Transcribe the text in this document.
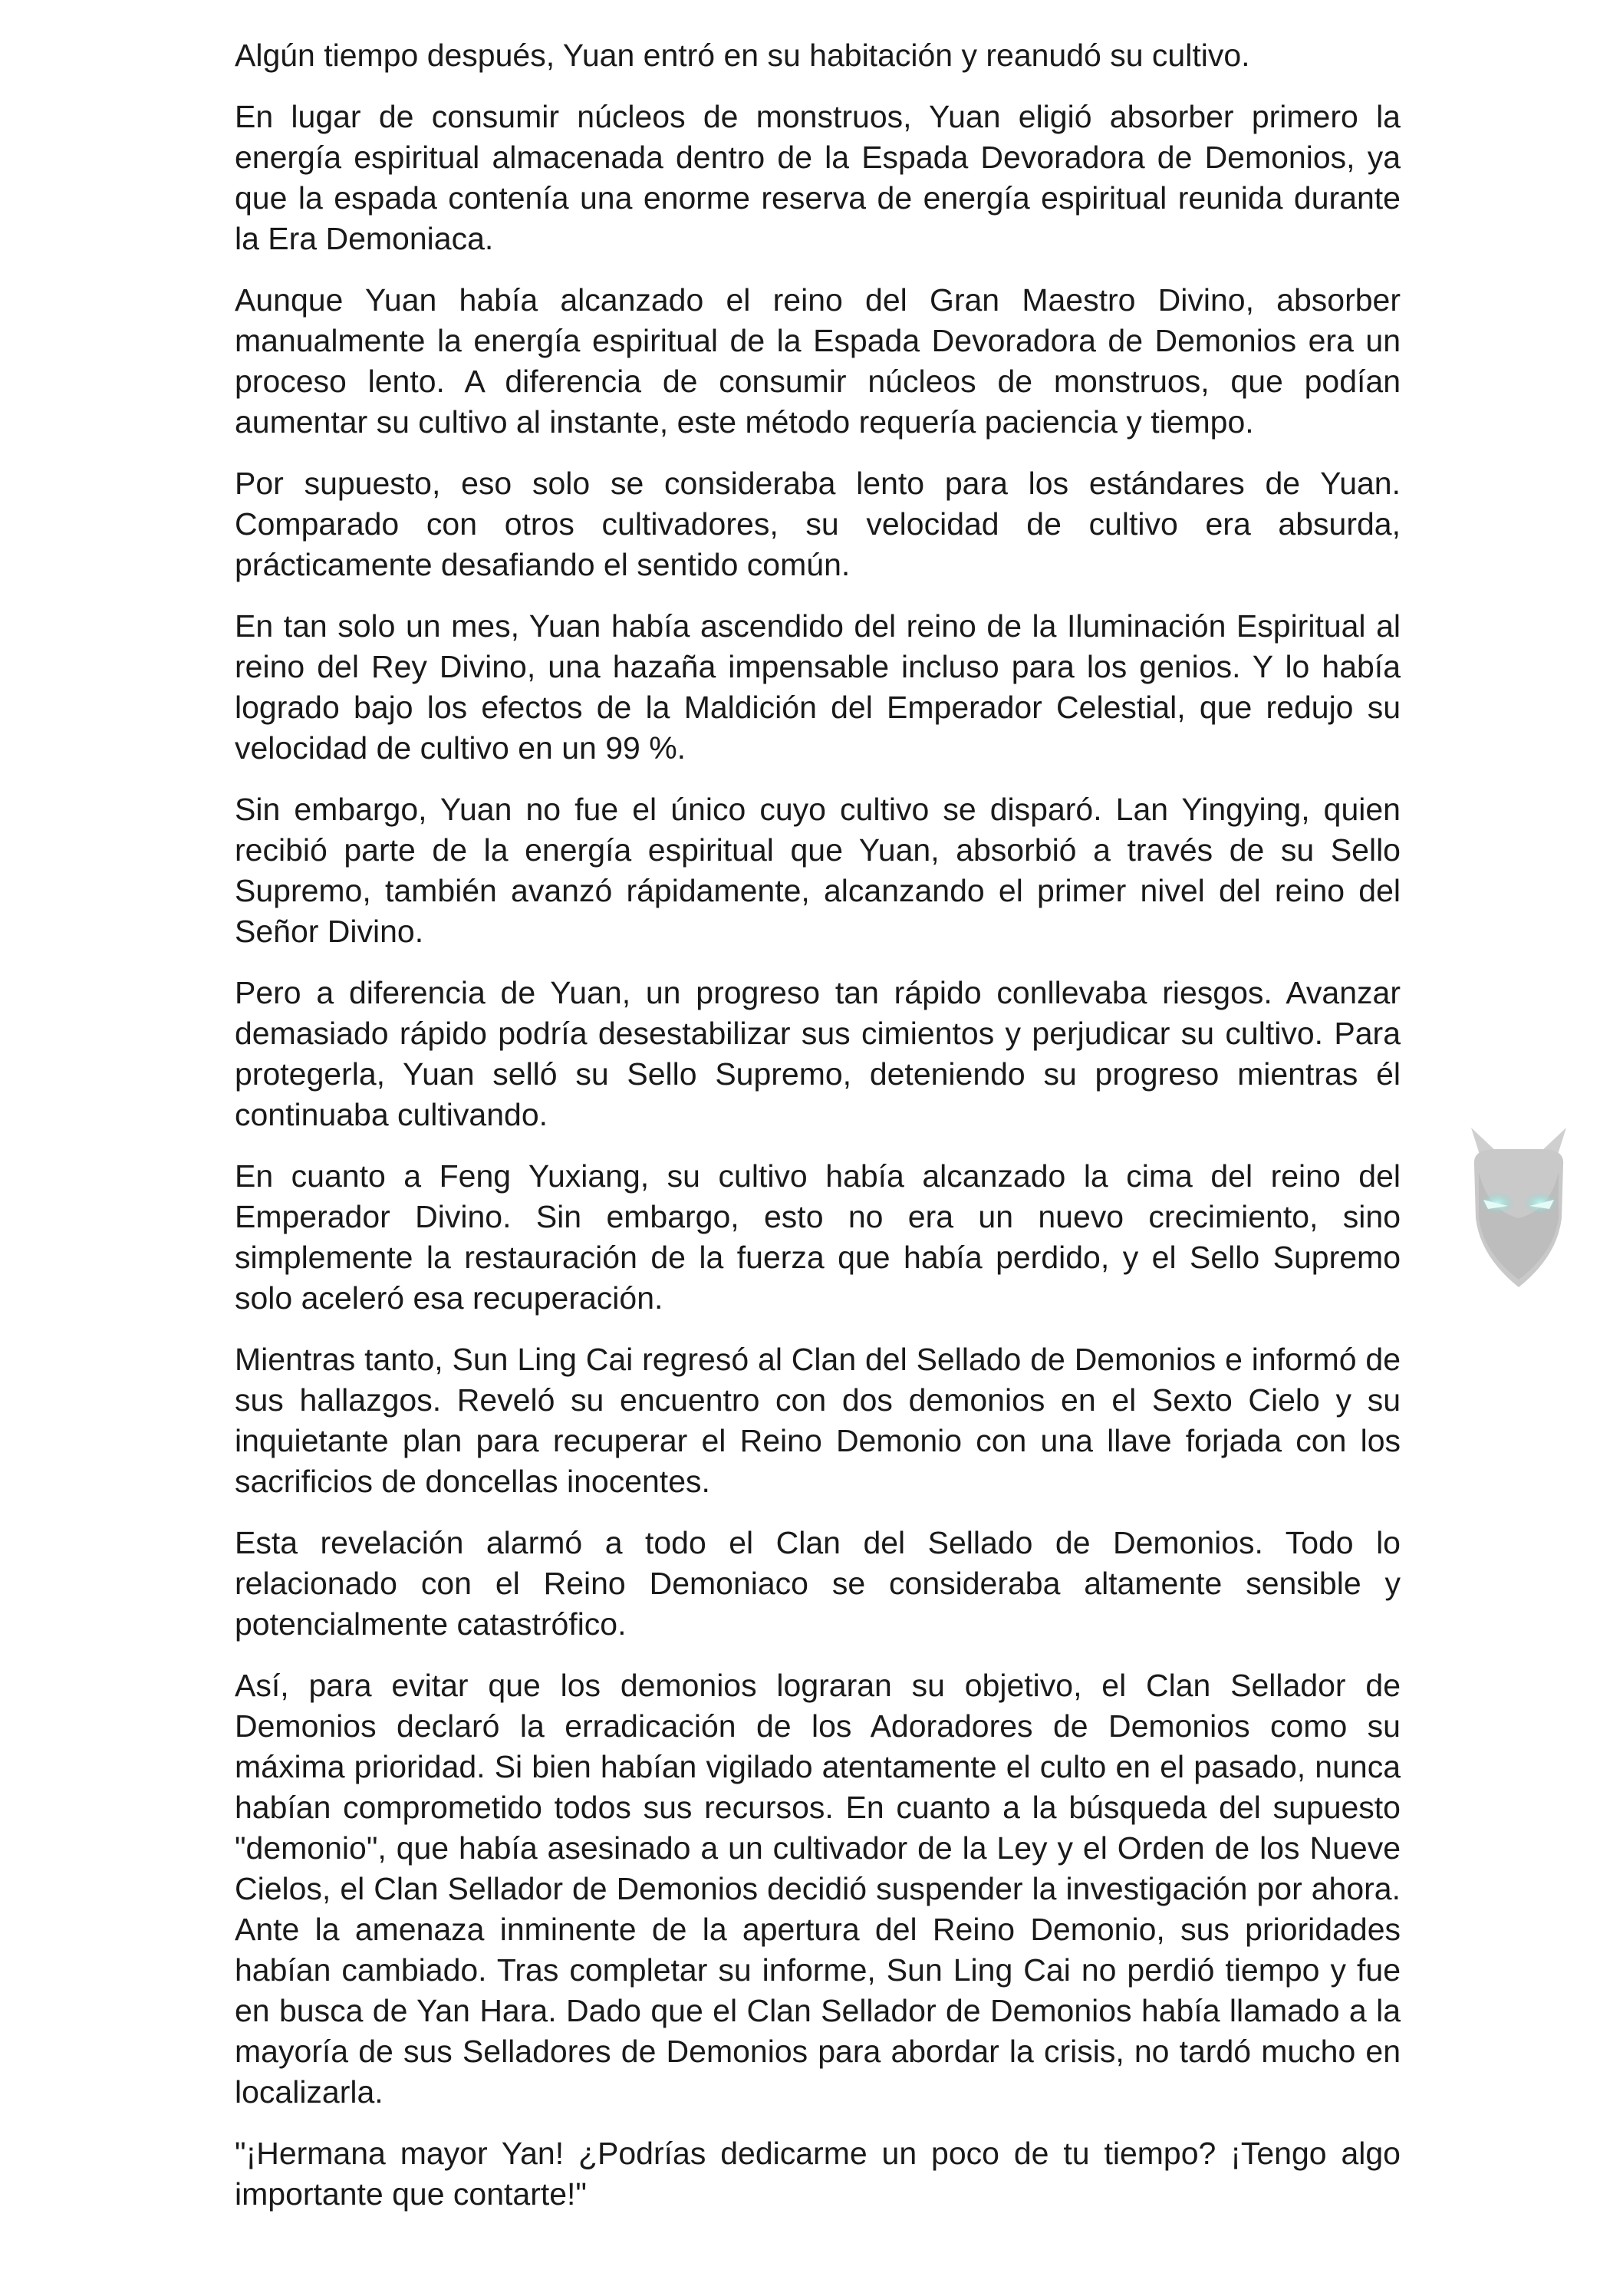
Algún tiempo después, Yuan entró en su habitación y reanudó su cultivo.

En lugar de consumir núcleos de monstruos, Yuan eligió absorber primero la energía espiritual almacenada dentro de la Espada Devoradora de Demonios, ya que la espada contenía una enorme reserva de energía espiritual reunida durante la Era Demoniaca.

Aunque Yuan había alcanzado el reino del Gran Maestro Divino, absorber manualmente la energía espiritual de la Espada Devoradora de Demonios era un proceso lento. A diferencia de consumir núcleos de monstruos, que podían aumentar su cultivo al instante, este método requería paciencia y tiempo.

Por supuesto, eso solo se consideraba lento para los estándares de Yuan. Comparado con otros cultivadores, su velocidad de cultivo era absurda, prácticamente desafiando el sentido común.

En tan solo un mes, Yuan había ascendido del reino de la Iluminación Espiritual al reino del Rey Divino, una hazaña impensable incluso para los genios. Y lo había logrado bajo los efectos de la Maldición del Emperador Celestial, que redujo su velocidad de cultivo en un 99 %.

Sin embargo, Yuan no fue el único cuyo cultivo se disparó. Lan Yingying, quien recibió parte de la energía espiritual que Yuan, absorbió a través de su Sello Supremo, también avanzó rápidamente, alcanzando el primer nivel del reino del Señor Divino.

Pero a diferencia de Yuan, un progreso tan rápido conllevaba riesgos. Avanzar demasiado rápido podría desestabilizar sus cimientos y perjudicar su cultivo. Para protegerla, Yuan selló su Sello Supremo, deteniendo su progreso mientras él continuaba cultivando.

En cuanto a Feng Yuxiang, su cultivo había alcanzado la cima del reino del Emperador Divino. Sin embargo, esto no era un nuevo crecimiento, sino simplemente la restauración de la fuerza que había perdido, y el Sello Supremo solo aceleró esa recuperación.

Mientras tanto, Sun Ling Cai regresó al Clan del Sellado de Demonios e informó de sus hallazgos. Reveló su encuentro con dos demonios en el Sexto Cielo y su inquietante plan para recuperar el Reino Demonio con una llave forjada con los sacrificios de doncellas inocentes.

Esta revelación alarmó a todo el Clan del Sellado de Demonios. Todo lo relacionado con el Reino Demoniaco se consideraba altamente sensible y potencialmente catastrófico.

Así, para evitar que los demonios lograran su objetivo, el Clan Sellador de Demonios declaró la erradicación de los Adoradores de Demonios como su máxima prioridad. Si bien habían vigilado atentamente el culto en el pasado, nunca habían comprometido todos sus recursos. En cuanto a la búsqueda del supuesto "demonio", que había asesinado a un cultivador de la Ley y el Orden de los Nueve Cielos, el Clan Sellador de Demonios decidió suspender la investigación por ahora. Ante la amenaza inminente de la apertura del Reino Demonio, sus prioridades habían cambiado. Tras completar su informe, Sun Ling Cai no perdió tiempo y fue en busca de Yan Hara. Dado que el Clan Sellador de Demonios había llamado a la mayoría de sus Selladores de Demonios para abordar la crisis, no tardó mucho en localizarla.

"¡Hermana mayor Yan! ¿Podrías dedicarme un poco de tu tiempo? ¡Tengo algo importante que contarte!"
